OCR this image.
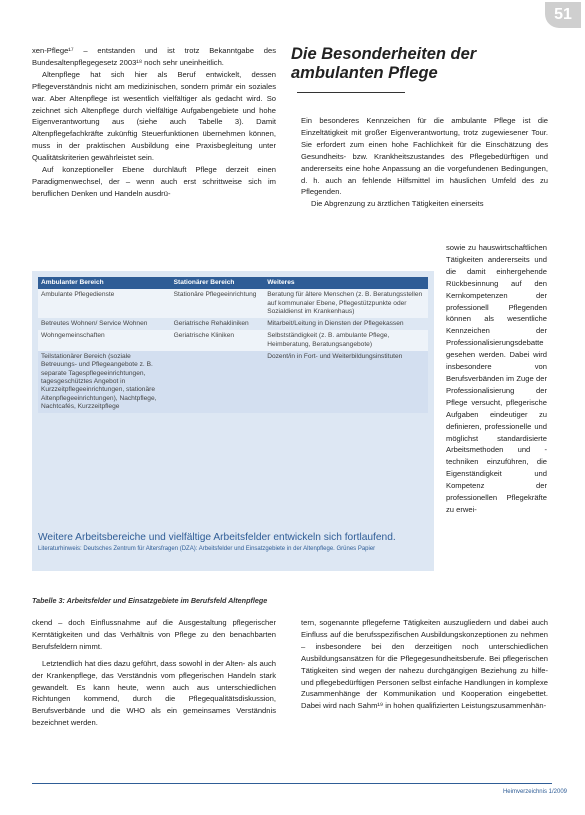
51

xen-Pflege¹⁷ – entstanden und ist trotz Bekanntgabe des Bundesaltenpflegegesetz 2003¹⁸ noch sehr uneinheitlich.

Altenpflege hat sich hier als Beruf entwickelt, dessen Pflegeverständnis nicht am medizinischen, sondern primär ein soziales war. Aber Altenpflege ist wesentlich vielfältiger als gedacht wird. So zeichnet sich Altenpflege durch vielfältige Aufgabengebiete und hohe Eigenverantwortung aus (siehe auch Tabelle 3). Damit Altenpflegefachkräfte zukünftig Steuerfunktionen übernehmen können, muss in der praktischen Ausbildung eine Praxisbegleitung unter Qualitätskriterien gewährleistet sein.

Auf konzeptioneller Ebene durchläuft Pflege derzeit einen Paradigmenwechsel, der – wenn auch erst schrittweise sich im beruflichen Denken und Handeln ausdrü-

Die Besonderheiten der ambulanten Pflege

Ein besonderes Kennzeichen für die ambulante Pflege ist die Einzeltätigkeit mit großer Eigenverantwortung, trotz zugewiesener Tour. Sie erfordert zum einen hohe Fachlichkeit für die Einschätzung des Gesundheits- bzw. Krankheitszustandes des Pflegebedürftigen und andererseits eine hohe Anpassung an die vorgefundenen Bedingungen, d. h. auch an fehlende Hilfsmittel im häuslichen Umfeld des zu Pflegenden.

Die Abgrenzung zu ärztlichen Tätigkeiten einerseits

sowie zu hauswirtschaftlichen Tätigkeiten andererseits und die damit einhergehende Rückbesinnung auf den Kernkompetenzen der professionell Pflegenden können als wesentliche Kennzeichen der Professionalisierungsdebatte gesehen werden. Dabei wird insbesondere von Berufsverbänden im Zuge der Professionalisierung der Pflege versucht, pflegerische Aufgaben eindeutiger zu definieren, professionelle und möglichst standardisierte Arbeitsmethoden und -techniken einzuführen, die Eigenständigkeit und Kompetenz der professionellen Pflegekräfte zu erwei-

Ambulanter Bereich	Stationärer Bereich	Weiteres
Ambulante Pflegedienste	Stationäre Pflegeeinrichtung	Beratung für ältere Menschen (z. B. Beratungsstellen auf kommunaler Ebene, Pflegestützpunkte oder Sozialdienst im Krankenhaus)
Betreutes Wohnen/ Service Wohnen	Geriatrische Rehakliniken	Mitarbeit/Leitung in Diensten der Pflegekassen
Wohngemeinschaften	Geriatrische Kliniken	Selbstständigkeit (z. B. ambulante Pflege, Heimberatung, Beratungsangebote)
Teilstationärer Bereich (soziale Betreuungs- und Pflegeangebote z. B. separate Tagespflegeeinrichtungen, tagesgeschütztes Angebot in Kurzzeitpflegeeinrichtungen, stationäre Altenpflegeeinrichtungen), Nachtpflege, Nachtcafés, Kurzzeitpflege		Dozent/in in Fort- und Weiterbildungsinstituten
Weitere Arbeitsbereiche und vielfältige Arbeitsfelder entwickeln sich fortlaufend.
Literaturhinweis: Deutsches Zentrum für Altersfragen (DZA): Arbeitsfelder und Einsatzgebiete in der Altenpflege. Grünes Papier
Tabelle 3: Arbeitsfelder und Einsatzgebiete im Berufsfeld Altenpflege

ckend – doch Einflussnahme auf die Ausgestaltung pflegerischer Kerntätigkeiten und das Verhältnis von Pflege zu den benachbarten Berufsfeldern nimmt.

Letztendlich hat dies dazu geführt, dass sowohl in der Alten- als auch der Krankenpflege, das Verständnis vom pflegerischen Handeln stark gewandelt. Es kann heute, wenn auch aus unterschiedlichen Richtungen kommend, durch die Pflegequalitätsdiskussion, Berufsverbände und die WHO als ein gemeinsames Verständnis bezeichnet werden.

tern, sogenannte pflegeferne Tätigkeiten auszugliedern und dabei auch Einfluss auf die berufsspezifischen Ausbildungskonzeptionen zu nehmen – insbesondere bei den derzeitigen noch unterschiedlichen Ausbildungsansätzen für die Pflegegesundheitsberufe. Bei pflegerischen Tätigkeiten sind wegen der nahezu durchgängigen Beziehung zu hilfe- und pflegebedürftigen Personen selbst einfache Handlungen in komplexe Zusammenhänge der Kommunikation und Kooperation eingebettet. Dabei wird nach Sahm¹⁹ in hohen qualifizierten Leistungszusammenhän-

Heimverzeichnis 1/2009
